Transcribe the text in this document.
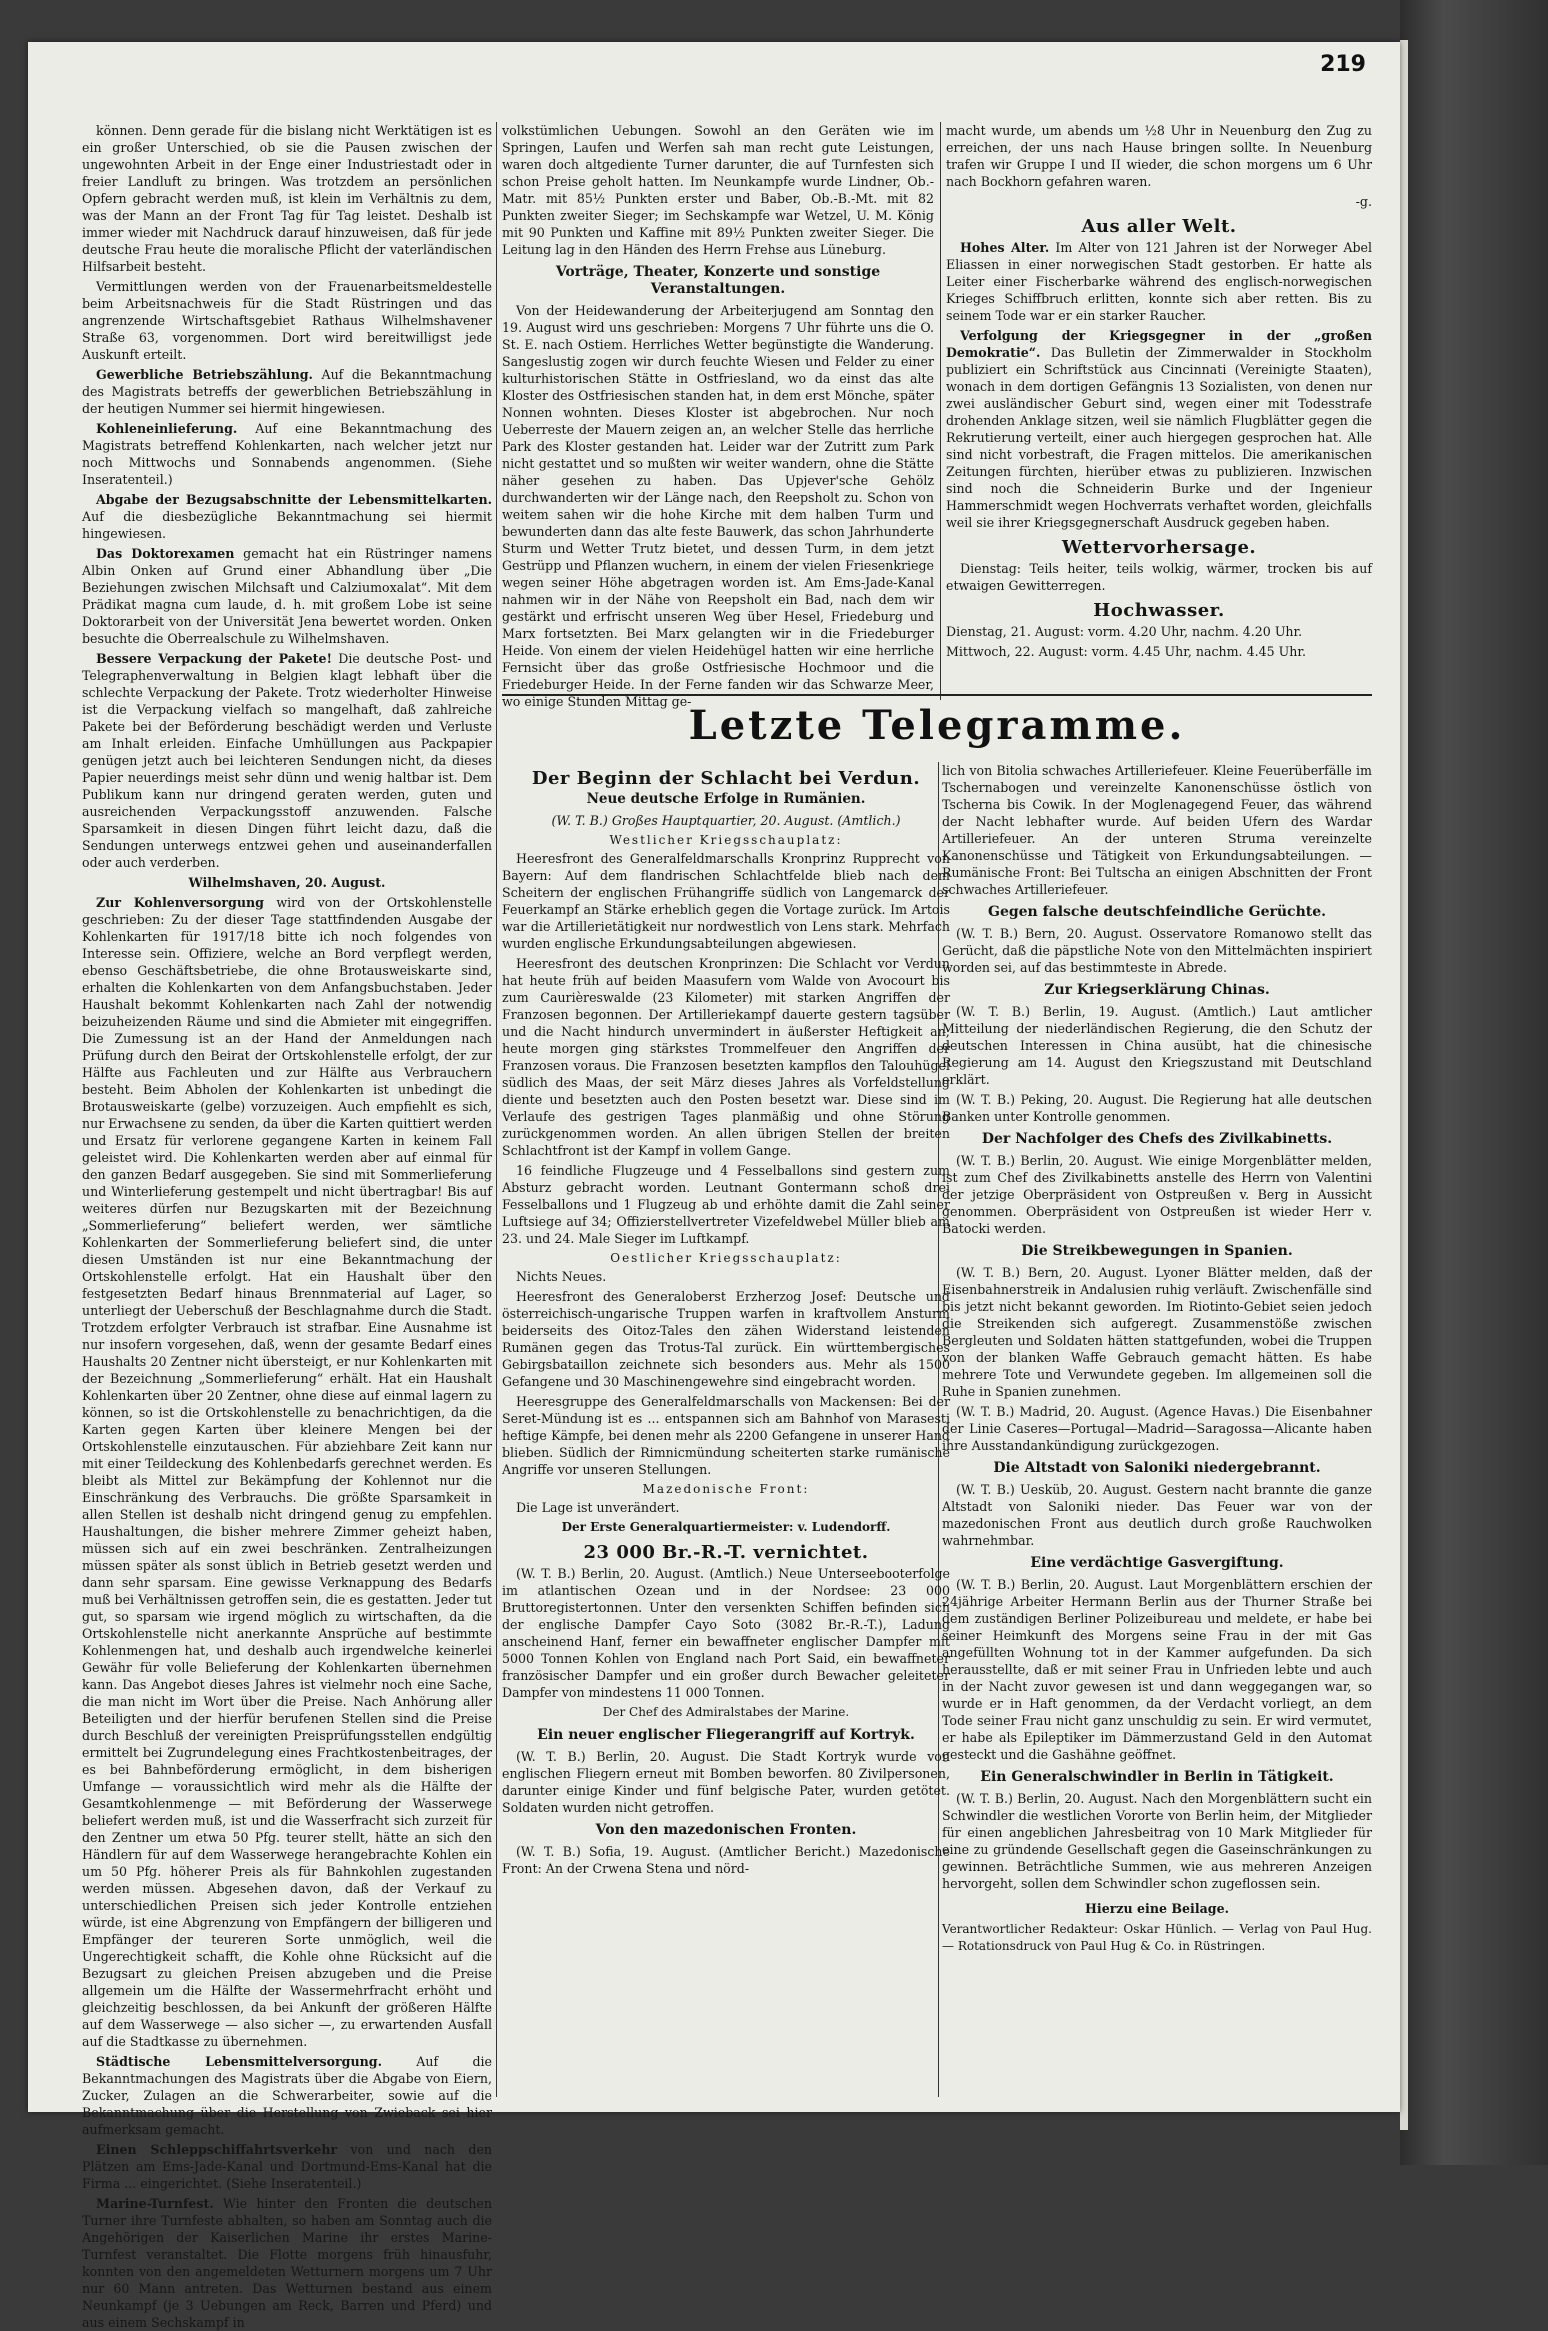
219

können. Denn gerade für die bislang nicht Werktätigen ist es ein großer Unterschied, ob sie die Pausen zwischen der ungewohnten Arbeit in der Enge einer Industriestadt oder in freier Landluft zu bringen. Was trotzdem an persönlichen Opfern gebracht werden muß, ist klein im Verhältnis zu dem, was der Mann an der Front Tag für Tag leistet. Deshalb ist immer wieder mit Nachdruck darauf hinzuweisen, daß für jede deutsche Frau heute die moralische Pflicht der vaterländischen Hilfsarbeit besteht.

Vermittlungen werden von der Frauenarbeitsmeldestelle beim Arbeitsnachweis für die Stadt Rüstringen und das angrenzende Wirtschaftsgebiet Rathaus Wilhelmshavener Straße 63, vorgenommen. Dort wird bereitwilligst jede Auskunft erteilt.

Gewerbliche Betriebszählung. Auf die Bekanntmachung des Magistrats betreffs der gewerblichen Betriebszählung in der heutigen Nummer sei hiermit hingewiesen.

Kohleneinlieferung. Auf eine Bekanntmachung des Magistrats betreffend Kohlenkarten, nach welcher jetzt nur noch Mittwochs und Sonnabends angenommen. (Siehe Inseratenteil.)

Abgabe der Bezugsabschnitte der Lebensmittelkarten. Auf die diesbezügliche Bekanntmachung sei hiermit hingewiesen.

Das Doktorexamen gemacht hat ein Rüstringer namens Albin Onken auf Grund einer Abhandlung über „Die Beziehungen zwischen Milchsaft und Calziumoxalat“. Mit dem Prädikat magna cum laude, d. h. mit großem Lobe ist seine Doktorarbeit von der Universität Jena bewertet worden. Onken besuchte die Oberrealschule zu Wilhelmshaven.

Bessere Verpackung der Pakete! Die deutsche Post- und Telegraphenverwaltung in Belgien klagt lebhaft über die schlechte Verpackung der Pakete. Trotz wiederholter Hinweise ist die Verpackung vielfach so mangelhaft, daß zahlreiche Pakete bei der Beförderung beschädigt werden und Verluste am Inhalt erleiden. Einfache Umhüllungen aus Packpapier genügen jetzt auch bei leichteren Sendungen nicht, da dieses Papier neuerdings meist sehr dünn und wenig haltbar ist. Dem Publikum kann nur dringend geraten werden, guten und ausreichenden Verpackungsstoff anzuwenden. Falsche Sparsamkeit in diesen Dingen führt leicht dazu, daß die Sendungen unterwegs entzwei gehen und auseinanderfallen oder auch verderben.

Wilhelmshaven, 20. August.

Zur Kohlenversorgung wird von der Ortskohlenstelle geschrieben: Zu der dieser Tage stattfindenden Ausgabe der Kohlenkarten für 1917/18 bitte ich noch folgendes von Interesse sein. Offiziere, welche an Bord verpflegt werden, ebenso Geschäftsbetriebe, die ohne Brotausweiskarte sind, erhalten die Kohlenkarten von dem Anfangsbuchstaben. Jeder Haushalt bekommt Kohlenkarten nach Zahl der notwendig beizuheizenden Räume und sind die Abmieter mit eingegriffen. Die Zumessung ist an der Hand der Anmeldungen nach Prüfung durch den Beirat der Ortskohlenstelle erfolgt, der zur Hälfte aus Fachleuten und zur Hälfte aus Verbrauchern besteht. Beim Abholen der Kohlenkarten ist unbedingt die Brotausweiskarte (gelbe) vorzuzeigen. Auch empfiehlt es sich, nur Erwachsene zu senden, da über die Karten quittiert werden und Ersatz für verlorene gegangene Karten in keinem Fall geleistet wird. Die Kohlenkarten werden aber auf einmal für den ganzen Bedarf ausgegeben. Sie sind mit Sommerlieferung und Winterlieferung gestempelt und nicht übertragbar! Bis auf weiteres dürfen nur Bezugskarten mit der Bezeichnung „Sommerlieferung“ beliefert werden, wer sämtliche Kohlenkarten der Sommerlieferung beliefert sind, die unter diesen Umständen ist nur eine Bekanntmachung der Ortskohlenstelle erfolgt. Hat ein Haushalt über den festgesetzten Bedarf hinaus Brennmaterial auf Lager, so unterliegt der Ueberschuß der Beschlagnahme durch die Stadt. Trotzdem erfolgter Verbrauch ist strafbar. Eine Ausnahme ist nur insofern vorgesehen, daß, wenn der gesamte Bedarf eines Haushalts 20 Zentner nicht übersteigt, er nur Kohlenkarten mit der Bezeichnung „Sommerlieferung“ erhält. Hat ein Haushalt Kohlenkarten über 20 Zentner, ohne diese auf einmal lagern zu können, so ist die Ortskohlenstelle zu benachrichtigen, da die Karten gegen Karten über kleinere Mengen bei der Ortskohlenstelle einzutauschen. Für abziehbare Zeit kann nur mit einer Teildeckung des Kohlenbedarfs gerechnet werden. Es bleibt als Mittel zur Bekämpfung der Kohlennot nur die Einschränkung des Verbrauchs. Die größte Sparsamkeit in allen Stellen ist deshalb nicht dringend genug zu empfehlen. Haushaltungen, die bisher mehrere Zimmer geheizt haben, müssen sich auf ein zwei beschränken. Zentralheizungen müssen später als sonst üblich in Betrieb gesetzt werden und dann sehr sparsam. Eine gewisse Verknappung des Bedarfs muß bei Verhältnissen getroffen sein, die es gestatten. Jeder tut gut, so sparsam wie irgend möglich zu wirtschaften, da die Ortskohlenstelle nicht anerkannte Ansprüche auf bestimmte Kohlenmengen hat, und deshalb auch irgendwelche keinerlei Gewähr für volle Belieferung der Kohlenkarten übernehmen kann. Das Angebot dieses Jahres ist vielmehr noch eine Sache, die man nicht im Wort über die Preise. Nach Anhörung aller Beteiligten und der hierfür berufenen Stellen sind die Preise durch Beschluß der vereinigten Preisprüfungsstellen endgültig ermittelt bei Zugrundelegung eines Frachtkostenbeitrages, der es bei Bahnbeförderung ermöglicht, in dem bisherigen Umfange — voraussichtlich wird mehr als die Hälfte der Gesamtkohlenmenge — mit Beförderung der Wasserwege beliefert werden muß, ist und die Wasserfracht sich zurzeit für den Zentner um etwa 50 Pfg. teurer stellt, hätte an sich den Händlern für auf dem Wasserwege herangebrachte Kohlen ein um 50 Pfg. höherer Preis als für Bahnkohlen zugestanden werden müssen. Abgesehen davon, daß der Verkauf zu unterschiedlichen Preisen sich jeder Kontrolle entziehen würde, ist eine Abgrenzung von Empfängern der billigeren und Empfänger der teureren Sorte unmöglich, weil die Ungerechtigkeit schafft, die Kohle ohne Rücksicht auf die Bezugsart zu gleichen Preisen abzugeben und die Preise allgemein um die Hälfte der Wassermehrfracht erhöht und gleichzeitig beschlossen, da bei Ankunft der größeren Hälfte auf dem Wasserwege — also sicher —, zu erwartenden Ausfall auf die Stadtkasse zu übernehmen.

Städtische Lebensmittelversorgung.	Auf die Bekanntmachungen des Magistrats über die Abgabe von Eiern, Zucker, Zulagen an die Schwerarbeiter, sowie auf die Bekanntmachung über die Herstellung von Zwieback sei hier aufmerksam gemacht.

Einen Schleppschiffahrtsverkehr von und nach den Plätzen am Ems-Jade-Kanal und Dortmund-Ems-Kanal hat die Firma ... eingerichtet. (Siehe Inseratenteil.)

Marine-Turnfest. Wie hinter den Fronten die deutschen Turner ihre Turnfeste abhalten, so haben am Sonntag auch die Angehörigen der Kaiserlichen Marine ihr erstes Marine-Turnfest veranstaltet. Die Flotte morgens früh hinausfuhr, konnten von den angemeldeten Wetturnern morgens um 7 Uhr nur 60 Mann antreten. Das Wetturnen bestand aus einem Neunkampf (je 3 Uebungen am Reck, Barren und Pferd) und aus einem Sechskampf in

volkstümlichen Uebungen. Sowohl an den Geräten wie im Springen, Laufen und Werfen sah man recht gute Leistungen, waren doch altgediente Turner darunter, die auf Turnfesten sich schon Preise geholt hatten. Im Neunkampfe wurde Lindner, Ob.-Matr. mit 85½ Punkten erster und Baber, Ob.-B.-Mt. mit 82 Punkten zweiter Sieger; im Sechskampfe war Wetzel, U. M. König mit 90 Punkten und Kaffine mit 89½ Punkten zweiter Sieger. Die Leitung lag in den Händen des Herrn Frehse aus Lüneburg.

Vorträge, Theater, Konzerte und sonstige Veranstaltungen.

Von der Heidewanderung der Arbeiterjugend am Sonntag den 19. August wird uns geschrieben: Morgens 7 Uhr führte uns die O. St. E. nach Ostiem. Herrliches Wetter begünstigte die Wanderung. Sangeslustig zogen wir durch feuchte Wiesen und Felder zu einer kulturhistorischen Stätte in Ostfriesland, wo da einst das alte Kloster des Ostfriesischen standen hat, in dem erst Mönche, später Nonnen wohnten. Dieses Kloster ist abgebrochen. Nur noch Ueberreste der Mauern zeigen an, an welcher Stelle das herrliche Park des Kloster gestanden hat. Leider war der Zutritt zum Park nicht gestattet und so mußten wir weiter wandern, ohne die Stätte näher gesehen zu haben. Das Upjever'sche Gehölz durchwanderten wir der Länge nach, den Reepsholt zu. Schon von weitem sahen wir die hohe Kirche mit dem halben Turm und bewunderten dann das alte feste Bauwerk, das schon Jahrhunderte Sturm und Wetter Trutz bietet, und dessen Turm, in dem jetzt Gestrüpp und Pflanzen wuchern, in einem der vielen Friesenkriege wegen seiner Höhe abgetragen worden ist. Am Ems-Jade-Kanal nahmen wir in der Nähe von Reepsholt ein Bad, nach dem wir gestärkt und erfrischt unseren Weg über Hesel, Friedeburg und Marx fortsetzten. Bei Marx gelangten wir in die Friedeburger Heide. Von einem der vielen Heidehügel hatten wir eine herrliche Fernsicht über das große Ostfriesische Hochmoor und die Friedeburger Heide. In der Ferne fanden wir das Schwarze Meer, wo einige Stunden Mittag ge-

macht wurde, um abends um ½8 Uhr in Neuenburg den Zug zu erreichen, der uns nach Hause bringen sollte. In Neuenburg trafen wir Gruppe I und II wieder, die schon morgens um 6 Uhr nach Bockhorn gefahren waren.

-g.
Aus aller Welt.

Hohes Alter. Im Alter von 121 Jahren ist der Norweger Abel Eliassen in einer norwegischen Stadt gestorben. Er hatte als Leiter einer Fischerbarke während des englisch-norwegischen Krieges Schiffbruch erlitten, konnte sich aber retten. Bis zu seinem Tode war er ein starker Raucher.

Verfolgung der Kriegsgegner in der „großen Demokratie“. Das Bulletin der Zimmerwalder in Stockholm publiziert ein Schriftstück aus Cincinnati (Vereinigte Staaten), wonach in dem dortigen Gefängnis 13 Sozialisten, von denen nur zwei ausländischer Geburt sind, wegen einer mit Todesstrafe drohenden Anklage sitzen, weil sie nämlich Flugblätter gegen die Rekrutierung verteilt, einer auch hiergegen gesprochen hat. Alle sind nicht vorbestraft, die Fragen mittelos. Die amerikanischen Zeitungen fürchten, hierüber etwas zu publizieren. Inzwischen sind noch die Schneiderin Burke und der Ingenieur Hammerschmidt wegen Hochverrats verhaftet worden, gleichfalls weil sie ihrer Kriegsgegnerschaft Ausdruck gegeben haben.

Wettervorhersage.

Dienstag: Teils heiter, teils wolkig, wärmer, trocken bis auf etwaigen Gewitterregen.

Hochwasser.

Dienstag, 21. August: vorm. 4.20 Uhr, nachm. 4.20 Uhr.

Mittwoch, 22. August: vorm. 4.45 Uhr, nachm. 4.45 Uhr.

Letzte Telegramme.
Der Beginn der Schlacht bei Verdun.
Neue deutsche Erfolge in Rumänien.
(W. T. B.) Großes Hauptquartier, 20. August. (Amtlich.)
Westlicher Kriegsschauplatz:

Heeresfront des Generalfeldmarschalls Kronprinz Rupprecht von Bayern: Auf dem flandrischen Schlachtfelde blieb nach dem Scheitern der englischen Frühangriffe südlich von Langemarck der Feuerkampf an Stärke erheblich gegen die Vortage zurück. Im Artois war die Artillerietätigkeit nur nordwestlich von Lens stark. Mehrfach wurden englische Erkundungsabteilungen abgewiesen.

Heeresfront des deutschen Kronprinzen: Die Schlacht vor Verdun hat heute früh auf beiden Maasufern vom Walde von Avocourt bis zum Caurièreswalde (23 Kilometer) mit starken Angriffen der Franzosen begonnen. Der Artilleriekampf dauerte gestern tagsüber und die Nacht hindurch unvermindert in äußerster Heftigkeit an; heute morgen ging stärkstes Trommelfeuer den Angriffen der Franzosen voraus. Die Franzosen besetzten kampflos den Talouhügel südlich des Maas, der seit März dieses Jahres als Vorfeldstellung diente und besetzten auch den Posten besetzt war. Diese sind im Verlaufe des gestrigen Tages planmäßig und ohne Störung zurückgenommen worden. An allen übrigen Stellen der breiten Schlachtfront ist der Kampf in vollem Gange.

16 feindliche Flugzeuge und 4 Fesselballons sind gestern zum Absturz gebracht worden. Leutnant Gontermann schoß drei Fesselballons und 1 Flugzeug ab und erhöhte damit die Zahl seiner Luftsiege auf 34; Offizierstellvertreter Vizefeldwebel Müller blieb am 23. und 24. Male Sieger im Luftkampf.

Oestlicher Kriegsschauplatz:

Nichts Neues.

Heeresfront des Generaloberst Erzherzog Josef: Deutsche und österreichisch-ungarische Truppen warfen in kraftvollem Ansturm beiderseits des Oitoz-Tales den zähen Widerstand leistenden Rumänen gegen das Trotus-Tal zurück. Ein württembergisches Gebirgsbataillon zeichnete sich besonders aus. Mehr als 1500 Gefangene und 30 Maschinengewehre sind eingebracht worden.

Heeresgruppe des Generalfeldmarschalls von Mackensen: Bei der Seret-Mündung ist es ... entspannen sich am Bahnhof von Marasesti heftige Kämpfe, bei denen mehr als 2200 Gefangene in unserer Hand blieben. Südlich der Rimnicmündung scheiterten starke rumänische Angriffe vor unseren Stellungen.

Mazedonische Front:

Die Lage ist unverändert.

Der Erste Generalquartiermeister: v. Ludendorff.
23 000 Br.-R.-T. vernichtet.

(W. T. B.) Berlin, 20. August. (Amtlich.) Neue Unterseebooterfolge im atlantischen Ozean und in der Nordsee: 23 000 Bruttoregistertonnen. Unter den versenkten Schiffen befinden sich der englische Dampfer Cayo Soto (3082 Br.-R.-T.), Ladung anscheinend Hanf, ferner ein bewaffneter englischer Dampfer mit 5000 Tonnen Kohlen von England nach Port Said, ein bewaffneter französischer Dampfer und ein großer durch Bewacher geleiteter Dampfer von mindestens 11 000 Tonnen.

Der Chef des Admiralstabes der Marine.
Ein neuer englischer Fliegerangriff auf Kortryk.

(W. T. B.) Berlin, 20. August. Die Stadt Kortryk wurde von englischen Fliegern erneut mit Bomben beworfen. 80 Zivilpersonen, darunter einige Kinder und fünf belgische Pater, wurden getötet. Soldaten wurden nicht getroffen.

Von den mazedonischen Fronten.

(W. T. B.) Sofia, 19. August. (Amtlicher Bericht.) Mazedonische Front: An der Crwena Stena und nörd-

lich von Bitolia schwaches Artilleriefeuer. Kleine Feuerüberfälle im Tschernabogen und vereinzelte Kanonenschüsse östlich von Tscherna bis Cowik. In der Moglenagegend Feuer, das während der Nacht lebhafter wurde. Auf beiden Ufern des Wardar Artilleriefeuer. An der unteren Struma vereinzelte Kanonenschüsse und Tätigkeit von Erkundungsabteilungen. — Rumänische Front: Bei Tultscha an einigen Abschnitten der Front schwaches Artilleriefeuer.

Gegen falsche deutschfeindliche Gerüchte.

(W. T. B.) Bern, 20. August. Osservatore Romanowo stellt das Gerücht, daß die päpstliche Note von den Mittelmächten inspiriert worden sei, auf das bestimmteste in Abrede.

Zur Kriegserklärung Chinas.

(W. T. B.) Berlin, 19. August. (Amtlich.) Laut amtlicher Mitteilung der niederländischen Regierung, die den Schutz der deutschen Interessen in China ausübt, hat die chinesische Regierung am 14. August den Kriegszustand mit Deutschland erklärt.

(W. T. B.) Peking, 20. August. Die Regierung hat alle deutschen Banken unter Kontrolle genommen.

Der Nachfolger des Chefs des Zivilkabinetts.

(W. T. B.) Berlin, 20. August. Wie einige Morgenblätter melden, ist zum Chef des Zivilkabinetts anstelle des Herrn von Valentini der jetzige Oberpräsident von Ostpreußen v. Berg in Aussicht genommen. Oberpräsident von Ostpreußen ist wieder Herr v. Batocki werden.

Die Streikbewegungen in Spanien.

(W. T. B.) Bern, 20. August. Lyoner Blätter melden, daß der Eisenbahnerstreik in Andalusien ruhig verläuft. Zwischenfälle sind bis jetzt nicht bekannt geworden. Im Riotinto-Gebiet seien jedoch die Streikenden sich aufgeregt. Zusammenstöße zwischen Bergleuten und Soldaten hätten stattgefunden, wobei die Truppen von der blanken Waffe Gebrauch gemacht hätten. Es habe mehrere Tote und Verwundete gegeben. Im allgemeinen soll die Ruhe in Spanien zunehmen.

(W. T. B.) Madrid, 20. August. (Agence Havas.) Die Eisenbahner der Linie Caseres—Portugal—Madrid—Saragossa—Alicante haben ihre Ausstandankündigung zurückgezogen.

Die Altstadt von Saloniki niedergebrannt.

(W. T. B.) Uesküb, 20. August. Gestern nacht brannte die ganze Altstadt von Saloniki nieder. Das Feuer war von der mazedonischen Front aus deutlich durch große Rauchwolken wahrnehmbar.

Eine verdächtige Gasvergiftung.

(W. T. B.) Berlin, 20. August. Laut Morgenblättern erschien der 24jährige Arbeiter Hermann Berlin aus der Thurner Straße bei dem zuständigen Berliner Polizeibureau und meldete, er habe bei seiner Heimkunft des Morgens seine Frau in der mit Gas angefüllten Wohnung tot in der Kammer aufgefunden. Da sich herausstellte, daß er mit seiner Frau in Unfrieden lebte und auch in der Nacht zuvor gewesen ist und dann weggegangen war, so wurde er in Haft genommen, da der Verdacht vorliegt, an dem Tode seiner Frau nicht ganz unschuldig zu sein. Er wird vermutet, er habe als Epileptiker im Dämmerzustand Geld in den Automat gesteckt und die Gashähne geöffnet.

Ein Generalschwindler in Berlin in Tätigkeit.

(W. T. B.) Berlin, 20. August. Nach den Morgenblättern sucht ein Schwindler die westlichen Vororte von Berlin heim, der Mitglieder für einen angeblichen Jahresbeitrag von 10 Mark Mitglieder für eine zu gründende Gesellschaft gegen die Gaseinschränkungen zu gewinnen. Beträchtliche Summen, wie aus mehreren Anzeigen hervorgeht, sollen dem Schwindler schon zugeflossen sein.

Hierzu eine Beilage.

Verantwortlicher Redakteur: Oskar Hünlich. — Verlag von Paul Hug. — Rotationsdruck von Paul Hug & Co. in Rüstringen.
